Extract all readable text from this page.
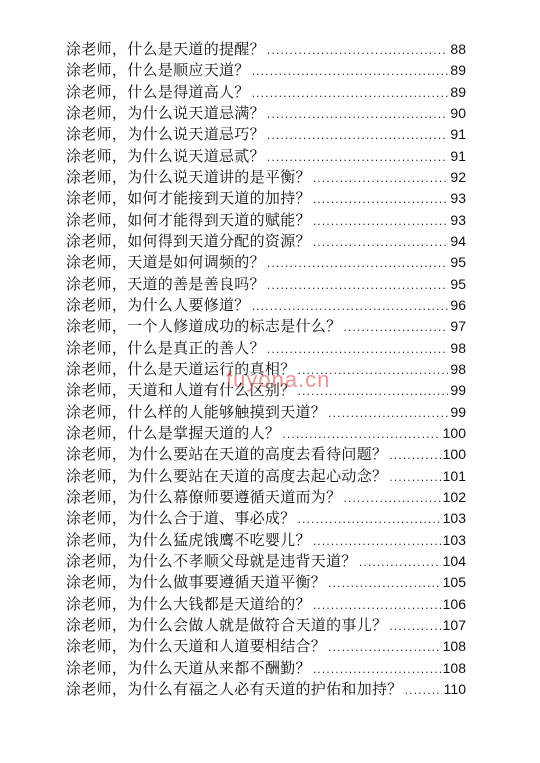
涂老师，什么是天道的提醒？ .....	88
涂老师，什么是顺应天道？ .....	89
涂老师，什么是得道高人？ .....	89
涂老师，为什么说天道忌满？ .....	90
涂老师，为什么说天道忌巧？ .....	91
涂老师，为什么说天道忌贰？ .....	91
涂老师，为什么说天道讲的是平衡？ .....	92
涂老师，如何才能接到天道的加持？ .....	93
涂老师，如何才能得到天道的赋能？ .....	93
涂老师，如何得到天道分配的资源？ .....	94
涂老师，天道是如何调频的？ .....	95
涂老师，天道的善是善良吗？ .....	95
涂老师，为什么人要修道？ .....	96
涂老师，一个人修道成功的标志是什么？ .....	97
涂老师，什么是真正的善人？ .....	98
涂老师，什么是天道运行的真相？ .....	98
涂老师，天道和人道有什么区别？ .....	99
涂老师，什么样的人能够触摸到天道？ .....	99
涂老师，什么是掌握天道的人？ .....	100
涂老师，为什么要站在天道的高度去看待问题？ .....	100
涂老师，为什么要站在天道的高度去起心动念？ .....	101
涂老师，为什么幕僚师要遵循天道而为？ .....	102
涂老师，为什么合于道、事必成？ .....	103
涂老师，为什么猛虎饿鹰不吃婴儿？ .....	103
涂老师，为什么不孝顺父母就是违背天道？ .....	104
涂老师，为什么做事要遵循天道平衡？ .....	105
涂老师，为什么大钱都是天道给的？ .....	106
涂老师，为什么会做人就是做符合天道的事儿？ .....	107
涂老师，为什么天道和人道要相结合？ .....	108
涂老师，为什么天道从来都不酬勤？ .....	108
涂老师，为什么有福之人必有天道的护佑和加持？ .....	110
fuyona.cn
